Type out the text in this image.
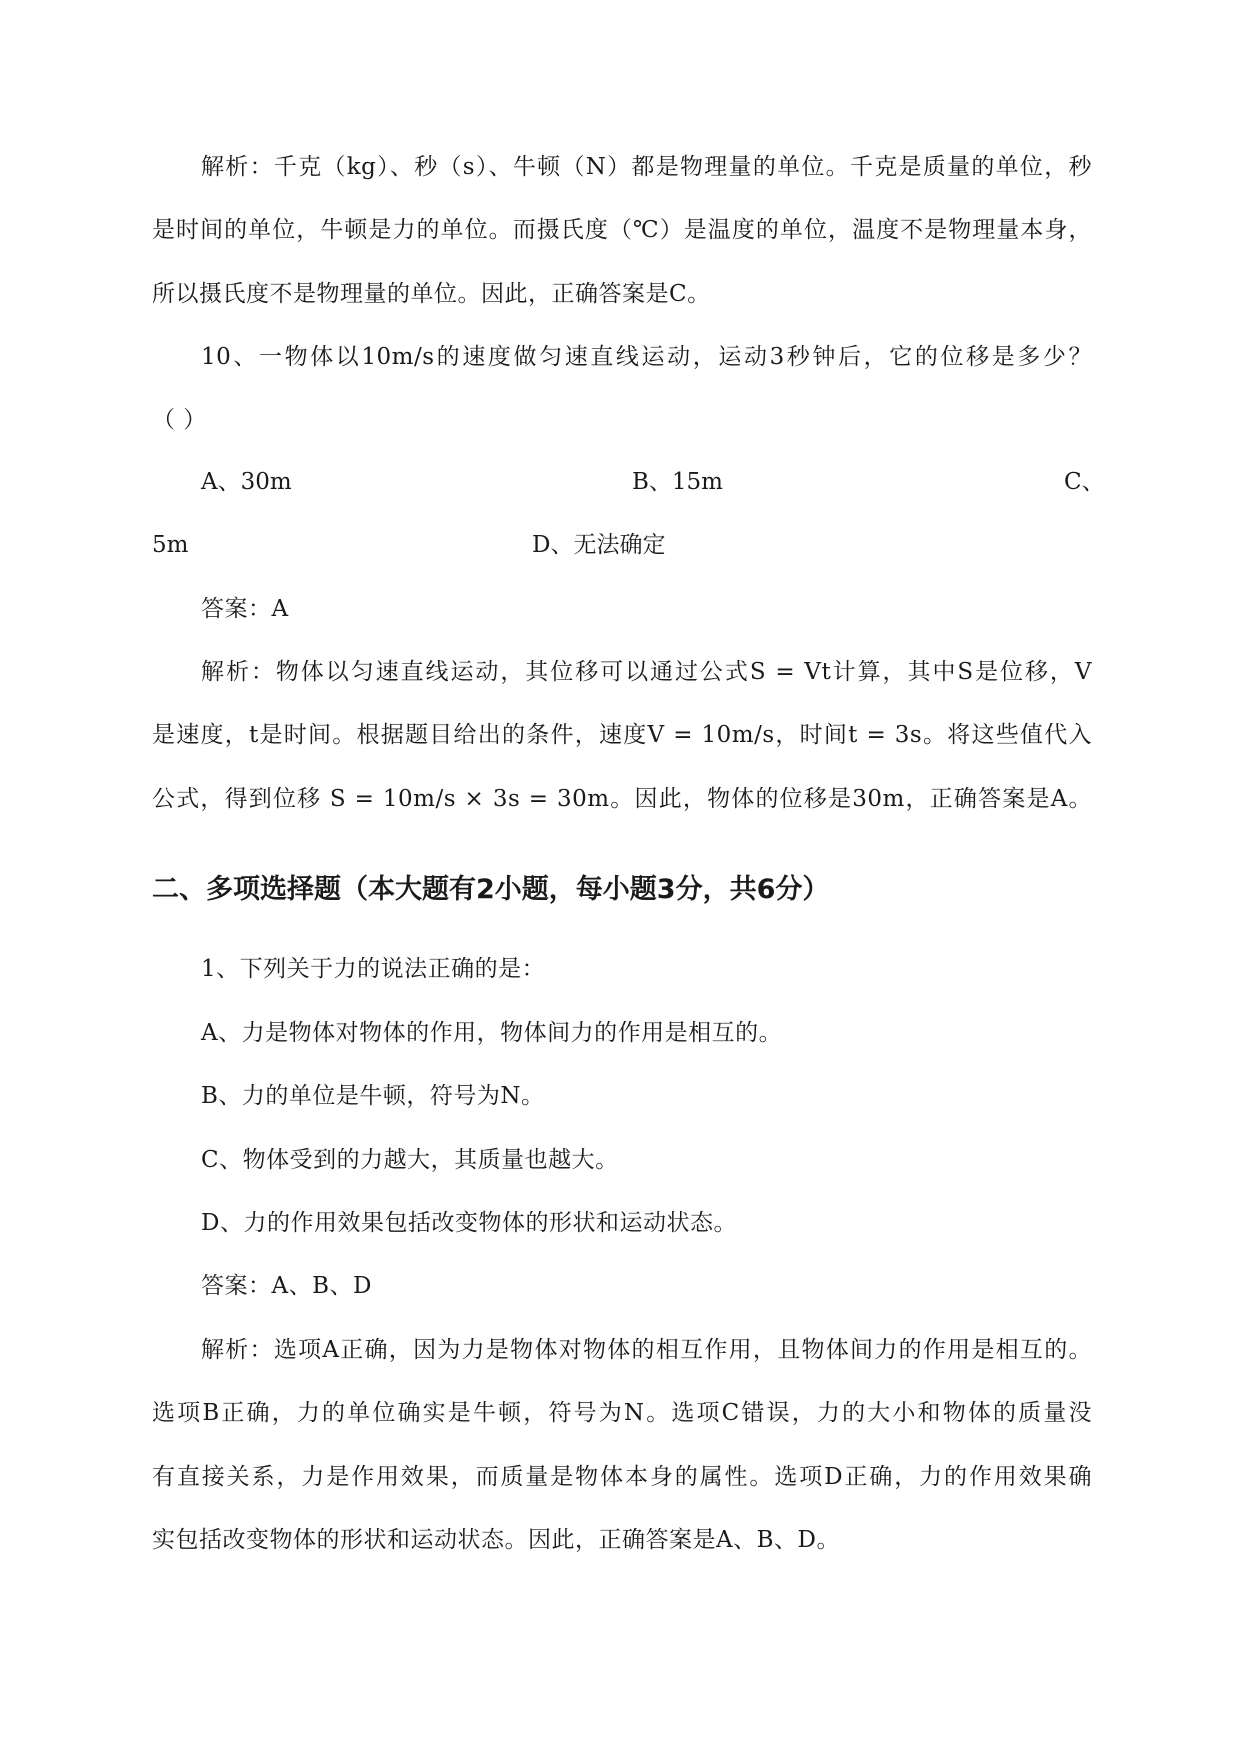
解析：千克（kg）、秒（s）、牛顿（N）都是物理量的单位。千克是质量的单位，秒
是时间的单位，牛顿是力的单位。而摄氏度（℃）是温度的单位，温度不是物理量本身，
所以摄氏度不是物理量的单位。因此，正确答案是C。
10、一物体以10m/s的速度做匀速直线运动，运动3秒钟后，它的位移是多少？
（ ）
A、30m	B、15m	C、
5m	D、无法确定
答案：A
解析：物体以匀速直线运动，其位移可以通过公式S = Vt计算，其中S是位移，V
是速度，t是时间。根据题目给出的条件，速度V = 10m/s，时间t = 3s。将这些值代入
公式，得到位移 S = 10m/s × 3s = 30m。因此，物体的位移是30m，正确答案是A。
二、多项选择题（本大题有2小题，每小题3分，共6分）
1、下列关于力的说法正确的是：
A、力是物体对物体的作用，物体间力的作用是相互的。
B、力的单位是牛顿，符号为N。
C、物体受到的力越大，其质量也越大。
D、力的作用效果包括改变物体的形状和运动状态。
答案：A、B、D
解析：选项A正确，因为力是物体对物体的相互作用，且物体间力的作用是相互的。
选项B正确，力的单位确实是牛顿，符号为N。选项C错误，力的大小和物体的质量没
有直接关系，力是作用效果，而质量是物体本身的属性。选项D正确，力的作用效果确
实包括改变物体的形状和运动状态。因此，正确答案是A、B、D。
